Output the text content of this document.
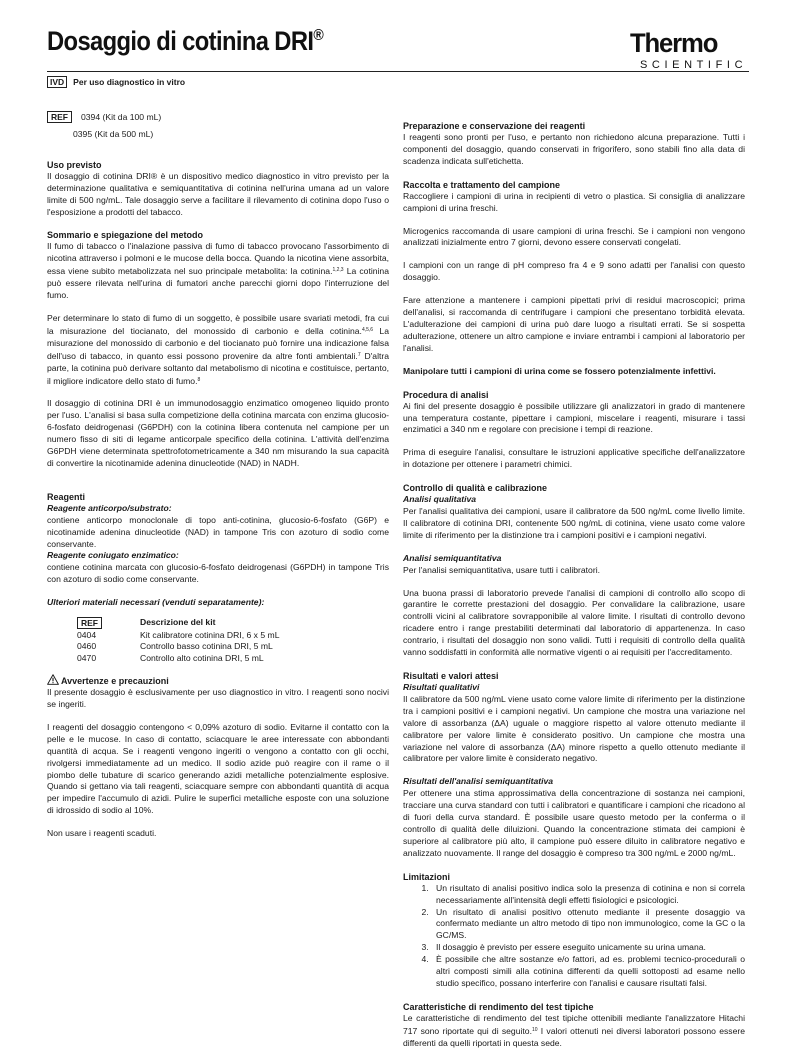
Dosaggio di cotinina DRI®	Thermo
SCIENTIFIC
IVD Per uso diagnostico in vitro
REF 0394 (Kit da 100 mL)
0395 (Kit da 500 mL)
Uso previsto

Il dosaggio di cotinina DRI® è un dispositivo medico diagnostico in vitro previsto per la determinazione qualitativa e semiquantitativa di cotinina nell'urina umana ad un valore limite di 500 ng/mL. Tale dosaggio serve a facilitare il rilevamento di cotinina dopo l'uso o l'esposizione a prodotti del tabacco.

Sommario e spiegazione del metodo

Il fumo di tabacco o l'inalazione passiva di fumo di tabacco provocano l'assorbimento di nicotina attraverso i polmoni e le mucose della bocca. Quando la nicotina viene assorbita, essa viene subito metabolizzata nel suo principale metabolita: la cotinina.$^{1,2,3}$ La cotinina può essere rilevata nell'urina di fumatori anche parecchi giorni dopo l'interruzione del fumo.

Per determinare lo stato di fumo di un soggetto, è possibile usare svariati metodi, fra cui la misurazione del tiocianato, del monossido di carbonio e della cotinina.$^{4,5,6}$ La misurazione del monossido di carbonio e del tiocianato può fornire una indicazione falsa dell'uso di tabacco, in quanto essi possono provenire da altre fonti ambientali.$^7$ D'altra parte, la cotinina può derivare soltanto dal metabolismo di nicotina e costituisce, pertanto, il migliore indicatore dello stato di fumo.$^8$

Il dosaggio di cotinina DRI è un immunodosaggio enzimatico omogeneo liquido pronto per l'uso. L'analisi si basa sulla competizione della cotinina marcata con enzima glucosio-6-fosfato deidrogenasi (G6PDH) con la cotinina libera contenuta nel campione per un numero fisso di siti di legame anticorpale specifico della cotinina. L'attività dell'enzima G6PDH viene determinata spettrofotometricamente a 340 nm misurando la sua capacità di convertire la nicotinamide adenina dinucleotide (NAD) in NADH.

Reagenti
Reagente anticorpo/substrato:

contiene anticorpo monoclonale di topo anti-cotinina, glucosio-6-fosfato (G6P) e nicotinamide adenina dinucleotide (NAD) in tampone Tris con azoturo di sodio come conservante.

Reagente coniugato enzimatico:

contiene cotinina marcata con glucosio-6-fosfato deidrogenasi (G6PDH) in tampone Tris con azoturo di sodio come conservante.

Ulteriori materiali necessari (venduti separatamente):
REF	Descrizione del kit
0404	Kit calibratore cotinina DRI, 6 x 5 mL
0460	Controllo basso cotinina DRI, 5 mL
0470	Controllo alto cotinina DRI, 5 mL
Avvertenze e precauzioni

Il presente dosaggio è esclusivamente per uso diagnostico in vitro. I reagenti sono nocivi se ingeriti.

I reagenti del dosaggio contengono < 0,09% azoturo di sodio. Evitarne il contatto con la pelle e le mucose. In caso di contatto, sciacquare le aree interessate con abbondanti quantità di acqua. Se i reagenti vengono ingeriti o vengono a contatto con gli occhi, rivolgersi immediatamente ad un medico. Il sodio azide può reagire con il rame o il piombo delle tubature di scarico generando azidi metalliche potenzialmente esplosive. Quando si gettano via tali reagenti, sciacquare sempre con abbondanti quantità di acqua per impedire l'accumulo di azidi. Pulire le superfici metalliche esposte con una soluzione di idrossido di sodio al 10%.

Non usare i reagenti scaduti.

Preparazione e conservazione dei reagenti

I reagenti sono pronti per l'uso, e pertanto non richiedono alcuna preparazione. Tutti i componenti del dosaggio, quando conservati in frigorifero, sono stabili fino alla data di scadenza indicata sull'etichetta.

Raccolta e trattamento del campione

Raccogliere i campioni di urina in recipienti di vetro o plastica. Si consiglia di analizzare campioni di urina freschi.

Microgenics raccomanda di usare campioni di urina freschi. Se i campioni non vengono analizzati inizialmente entro 7 giorni, devono essere conservati congelati.

I campioni con un range di pH compreso fra 4 e 9 sono adatti per l'analisi con questo dosaggio.

Fare attenzione a mantenere i campioni pipettati privi di residui macroscopici; prima dell'analisi, si raccomanda di centrifugare i campioni che presentano torbidità elevata. L'adulterazione dei campioni di urina può dare luogo a risultati errati. Se si sospetta adulterazione, ottenere un altro campione e inviare entrambi i campioni al laboratorio per l'analisi.

Manipolare tutti i campioni di urina come se fossero potenzialmente infettivi.

Procedura di analisi

Ai fini del presente dosaggio è possibile utilizzare gli analizzatori in grado di mantenere una temperatura costante, pipettare i campioni, miscelare i reagenti, misurare i tassi enzimatici a 340 nm e regolare con precisione i tempi di reazione.

Prima di eseguire l'analisi, consultare le istruzioni applicative specifiche dell'analizzatore in dotazione per ottenere i parametri chimici.

Controllo di qualità e calibrazione
Analisi qualitativa

Per l'analisi qualitativa dei campioni, usare il calibratore da 500 ng/mL come livello limite. Il calibratore di cotinina DRI, contenente 500 ng/mL di cotinina, viene usato come valore limite di riferimento per la distinzione tra i campioni positivi e i campioni negativi.

Analisi semiquantitativa

Per l'analisi semiquantitativa, usare tutti i calibratori.

Una buona prassi di laboratorio prevede l'analisi di campioni di controllo allo scopo di garantire le corrette prestazioni del dosaggio. Per convalidare la calibrazione, usare controlli vicini al calibratore sovrapponibile al valore limite. I risultati di controllo devono ricadere entro i range prestabiliti determinati dal laboratorio di appartenenza. In caso contrario, i risultati del dosaggio non sono validi. Tutti i requisiti di controllo della qualità vanno soddisfatti in conformità alle normative vigenti o ai requisiti per l'accreditamento.

Risultati e valori attesi
Risultati qualitativi

Il calibratore da 500 ng/mL viene usato come valore limite di riferimento per la distinzione tra i campioni positivi e i campioni negativi. Un campione che mostra una variazione nel valore di assorbanza (ΔA) uguale o maggiore rispetto al valore ottenuto mediante il calibratore per valore limite è considerato positivo. Un campione che mostra una variazione nel valore di assorbanza (ΔA) minore rispetto a quello ottenuto mediante il calibratore per valore limite è considerato negativo.

Risultati dell'analisi semiquantitativa

Per ottenere una stima approssimativa della concentrazione di sostanza nei campioni, tracciare una curva standard con tutti i calibratori e quantificare i campioni che ricadono al di fuori della curva standard. È possibile usare questo metodo per la conferma o il controllo di qualità delle diluizioni. Quando la concentrazione stimata dei campioni è superiore al calibratore più alto, il campione può essere diluito in calibratore negativo e analizzato nuovamente. Il range del dosaggio è compreso tra 300 ng/mL e 2000 ng/mL.

Limitazioni
1. Un risultato di analisi positivo indica solo la presenza di cotinina e non si correla necessariamente all'intensità degli effetti fisiologici e psicologici.
2. Un risultato di analisi positivo ottenuto mediante il presente dosaggio va confermato mediante un altro metodo di tipo non immunologico, come la GC o la GC/MS.
3. Il dosaggio è previsto per essere eseguito unicamente su urina umana.
4. È possibile che altre sostanze e/o fattori, ad es. problemi tecnico-procedurali o altri composti simili alla cotinina differenti da quelli sottoposti ad esame nello studio specifico, possano interferire con l'analisi e causare risultati falsi.
Caratteristiche di rendimento del test tipiche

Le caratteristiche di rendimento del test tipiche ottenibili mediante l'analizzatore Hitachi 717 sono riportate qui di seguito.$^{10}$ I valori ottenuti nei diversi laboratori possono essere differenti da quelli riportati in questa sede.
